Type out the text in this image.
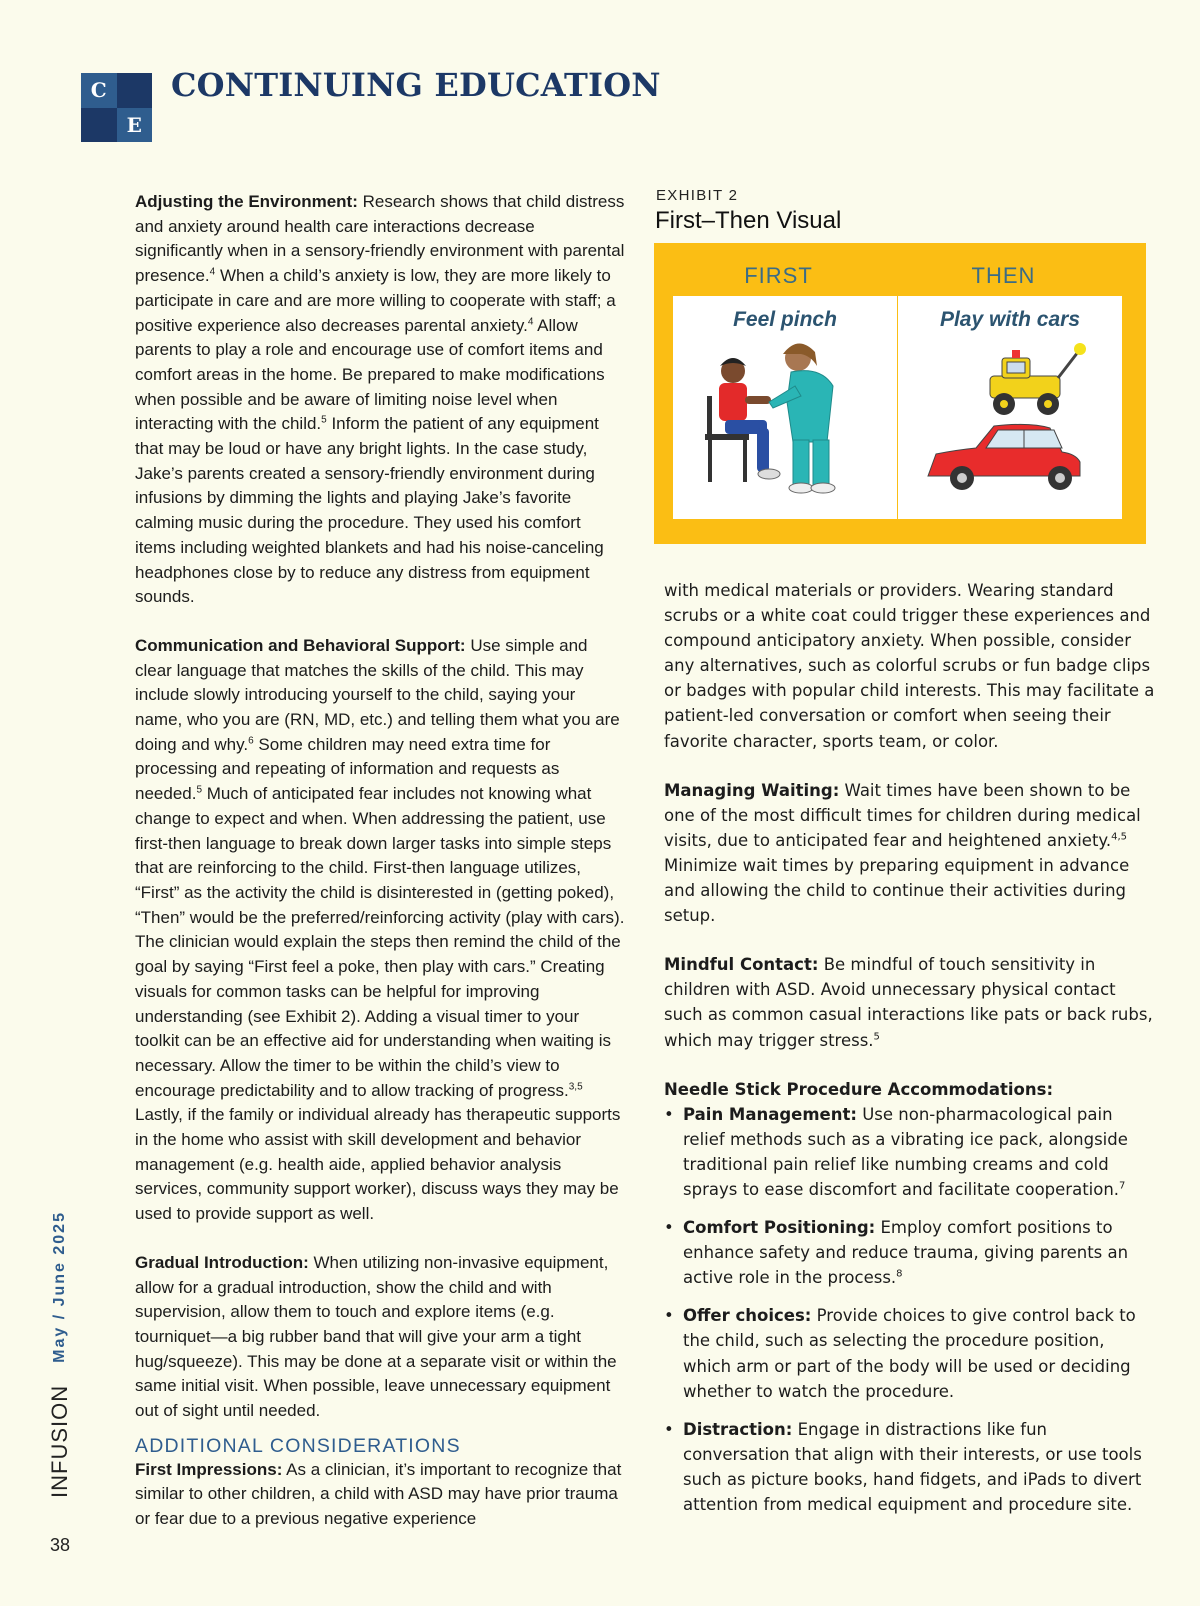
C
E
CONTINUING EDUCATION
INFUSION
May / June 2025
38

Adjusting the Environment: Research shows that child distress and anxiety around health care interactions decrease significantly when in a sensory-friendly environment with parental presence.$^4$ When a child’s anxiety is low, they are more likely to participate in care and are more willing to cooperate with staff; a positive experience also decreases parental anxiety.$^4$ Allow parents to play a role and encourage use of comfort items and comfort areas in the home. Be prepared to make modifications when possible and be aware of limiting noise level when interacting with the child.$^5$ Inform the patient of any equipment that may be loud or have any bright lights. In the case study, Jake’s parents created a sensory-friendly environment during infusions by dimming the lights and playing Jake’s favorite calming music during the procedure. They used his comfort items including weighted blankets and had his noise-canceling headphones close by to reduce any distress from equipment sounds.

Communication and Behavioral Support: Use simple and clear language that matches the skills of the child. This may include slowly introducing yourself to the child, saying your name, who you are (RN, MD, etc.) and telling them what you are doing and why.$^6$ Some children may need extra time for processing and repeating of information and requests as needed.$^5$ Much of anticipated fear includes not knowing what change to expect and when. When addressing the patient, use first-then language to break down larger tasks into simple steps that are reinforcing to the child. First-then language utilizes, “First” as the activity the child is disinterested in (getting poked), “Then” would be the preferred/reinforcing activity (play with cars). The clinician would explain the steps then remind the child of the goal by saying “First feel a poke, then play with cars.” Creating visuals for common tasks can be helpful for improving understanding (see Exhibit 2). Adding a visual timer to your toolkit can be an effective aid for understanding when waiting is necessary. Allow the timer to be within the child’s view to encourage predictability and to allow tracking of progress.$^{3,5}$ Lastly, if the family or individual already has therapeutic supports in the home who assist with skill development and behavior management (e.g. health aide, applied behavior analysis services, community support worker), discuss ways they may be used to provide support as well.

Gradual Introduction: When utilizing non-invasive equipment, allow for a gradual introduction, show the child and with supervision, allow them to touch and explore items (e.g. tourniquet—a big rubber band that will give your arm a tight hug/squeeze). This may be done at a separate visit or within the same initial visit. When possible, leave unnecessary equipment out of sight until needed.

ADDITIONAL CONSIDERATIONS

First Impressions: As a clinician, it’s important to recognize that similar to other children, a child with ASD may have prior trauma or fear due to a previous negative experience

EXHIBIT 2
First–Then Visual
FIRST	THEN
Feel pinch	Play with cars

with medical materials or providers. Wearing standard scrubs or a white coat could trigger these experiences and compound anticipatory anxiety. When possible, consider any alternatives, such as colorful scrubs or fun badge clips or badges with popular child interests. This may facilitate a patient-led conversation or comfort when seeing their favorite character, sports team, or color.

Managing Waiting: Wait times have been shown to be one of the most difficult times for children during medical visits, due to anticipated fear and heightened anxiety.$^{4,5}$ Minimize wait times by preparing equipment in advance and allowing the child to continue their activities during setup.

Mindful Contact: Be mindful of touch sensitivity in children with ASD. Avoid unnecessary physical contact such as common casual interactions like pats or back rubs, which may trigger stress.$^5$

Needle Stick Procedure Accommodations:
• Pain Management: Use non-pharmacological pain relief methods such as a vibrating ice pack, alongside traditional pain relief like numbing creams and cold sprays to ease discomfort and facilitate cooperation.$^7$
• Comfort Positioning: Employ comfort positions to enhance safety and reduce trauma, giving parents an active role in the process.$^8$
• Offer choices: Provide choices to give control back to the child, such as selecting the procedure position, which arm or part of the body will be used or deciding whether to watch the procedure.
• Distraction: Engage in distractions like fun conversation that align with their interests, or use tools such as picture books, hand fidgets, and iPads to divert attention from medical equipment and procedure site.
